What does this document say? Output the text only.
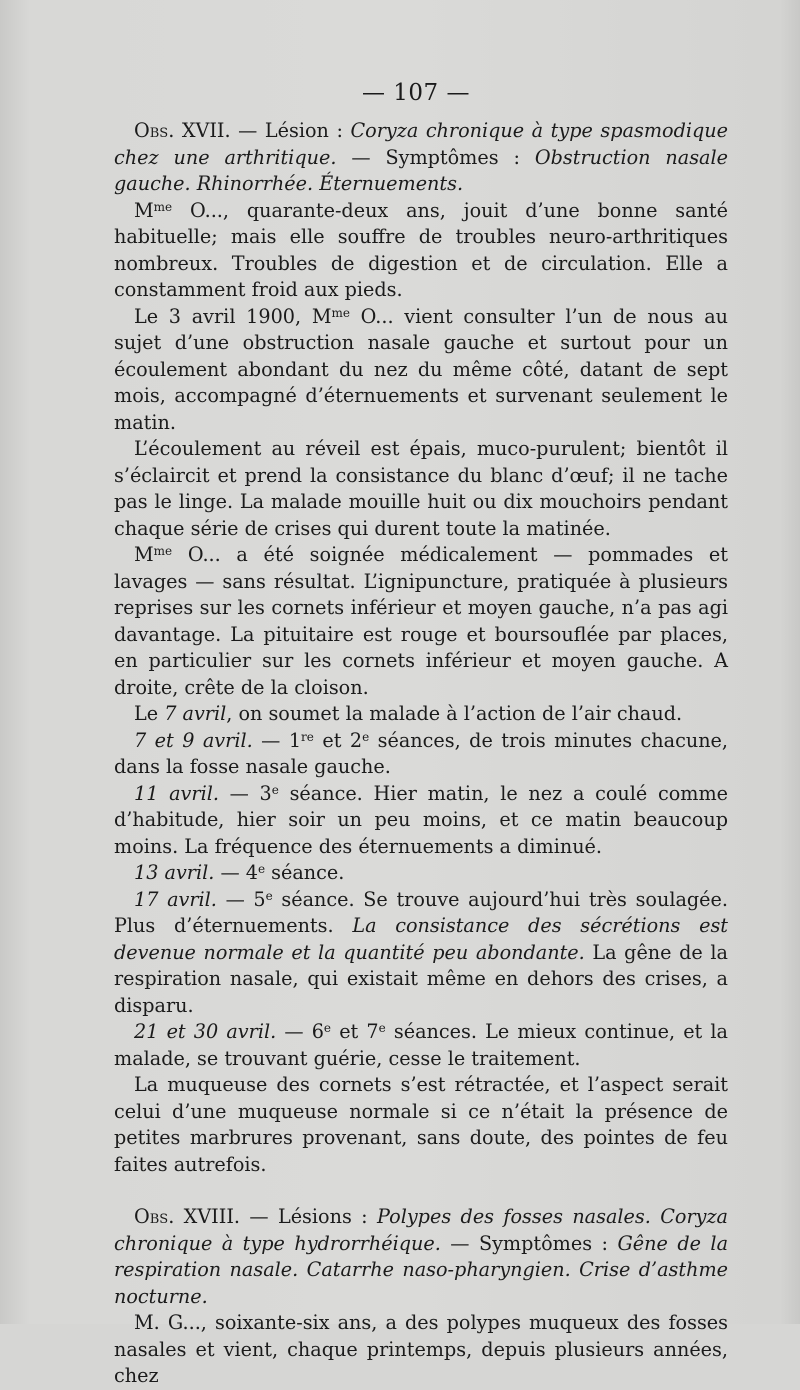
— 107 —

Obs. XVII. — Lésion : Coryza chronique à type spasmodique chez une arthritique. — Symptômes : Obstruction nasale gauche. Rhinorrhée. Éternuements.

$M^{me}$ O..., quarante-deux ans, jouit d’une bonne santé habituelle; mais elle souffre de troubles neuro-arthritiques nombreux. Troubles de digestion et de circulation. Elle a constamment froid aux pieds.

Le 3 avril 1900, $M^{me}$ O... vient consulter l’un de nous au sujet d’une obstruction nasale gauche et surtout pour un écoulement abondant du nez du même côté, datant de sept mois, accompagné d’éternuements et survenant seulement le matin.

L’écoulement au réveil est épais, muco-purulent; bientôt il s’éclaircit et prend la consistance du blanc d’œuf; il ne tache pas le linge. La malade mouille huit ou dix mouchoirs pendant chaque série de crises qui durent toute la matinée.

$M^{me}$ O... a été soignée médicalement — pommades et lavages — sans résultat. L’ignipuncture, pratiquée à plusieurs reprises sur les cornets inférieur et moyen gauche, n’a pas agi davantage. La pituitaire est rouge et boursouflée par places, en particulier sur les cornets inférieur et moyen gauche. A droite, crête de la cloison.

Le 7 avril, on soumet la malade à l’action de l’air chaud.

7 et 9 avril. — 1re et 2e séances, de trois minutes chacune, dans la fosse nasale gauche.

11 avril. — 3e séance. Hier matin, le nez a coulé comme d’habitude, hier soir un peu moins, et ce matin beaucoup moins. La fréquence des éternuements a diminué.

13 avril. — 4e séance.

17 avril. — 5e séance. Se trouve aujourd’hui très soulagée. Plus d’éternuements. La consistance des sécrétions est devenue normale et la quantité peu abondante. La gêne de la respiration nasale, qui existait même en dehors des crises, a disparu.

21 et 30 avril. — 6e et 7e séances. Le mieux continue, et la malade, se trouvant guérie, cesse le traitement.

La muqueuse des cornets s’est rétractée, et l’aspect serait celui d’une muqueuse normale si ce n’était la présence de petites marbrures provenant, sans doute, des pointes de feu faites autrefois.

Obs. XVIII. — Lésions : Polypes des fosses nasales. Coryza chronique à type hydrorrhéique. — Symptômes : Gêne de la respiration nasale. Catarrhe naso-pharyngien. Crise d’asthme nocturne.

M. G..., soixante-six ans, a des polypes muqueux des fosses nasales et vient, chaque printemps, depuis plusieurs années, chez
